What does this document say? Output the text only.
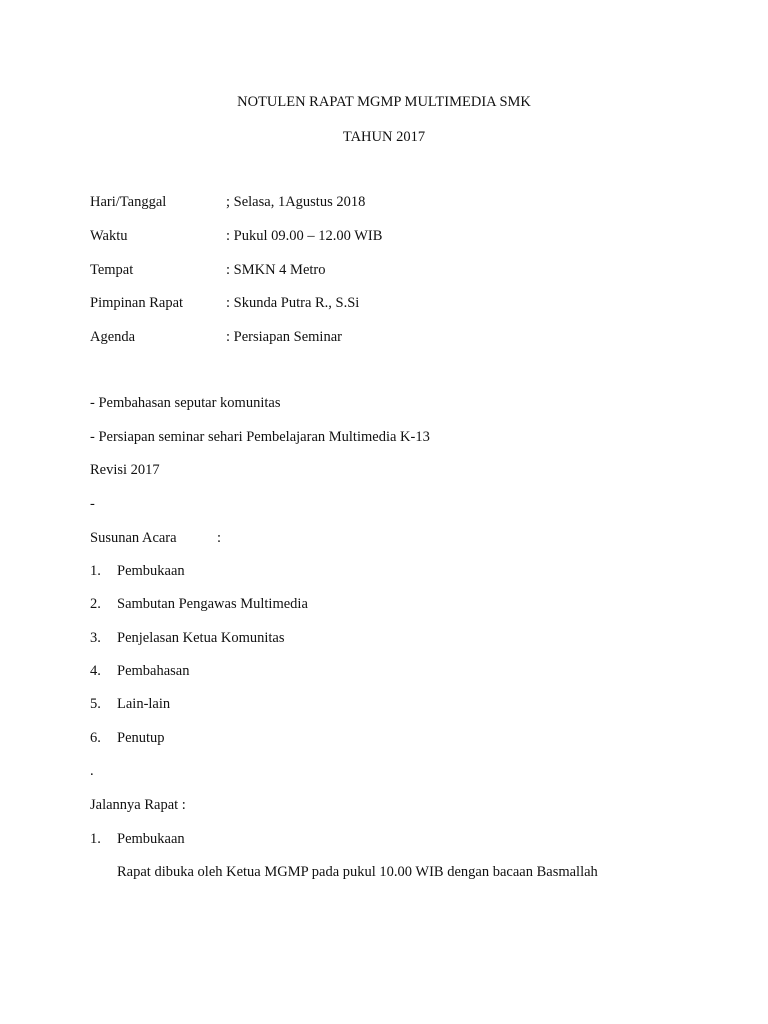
NOTULEN RAPAT MGMP MULTIMEDIA SMK
TAHUN 2017
Hari/Tanggal	; Selasa, 1Agustus 2018
Waktu	: Pukul 09.00 – 12.00 WIB
Tempat	: SMKN 4 Metro
Pimpinan Rapat	: Skunda Putra R., S.Si
Agenda	: Persiapan Seminar
- Pembahasan seputar komunitas
- Persiapan seminar sehari Pembelajaran Multimedia K-13
Revisi 2017
-
Susunan Acara	:
1. Pembukaan
2. Sambutan Pengawas Multimedia
3. Penjelasan Ketua Komunitas
4. Pembahasan
5. Lain-lain
6. Penutup
.
Jalannya Rapat :
1. Pembukaan
Rapat dibuka oleh Ketua MGMP pada pukul 10.00 WIB dengan bacaan Basmallah
